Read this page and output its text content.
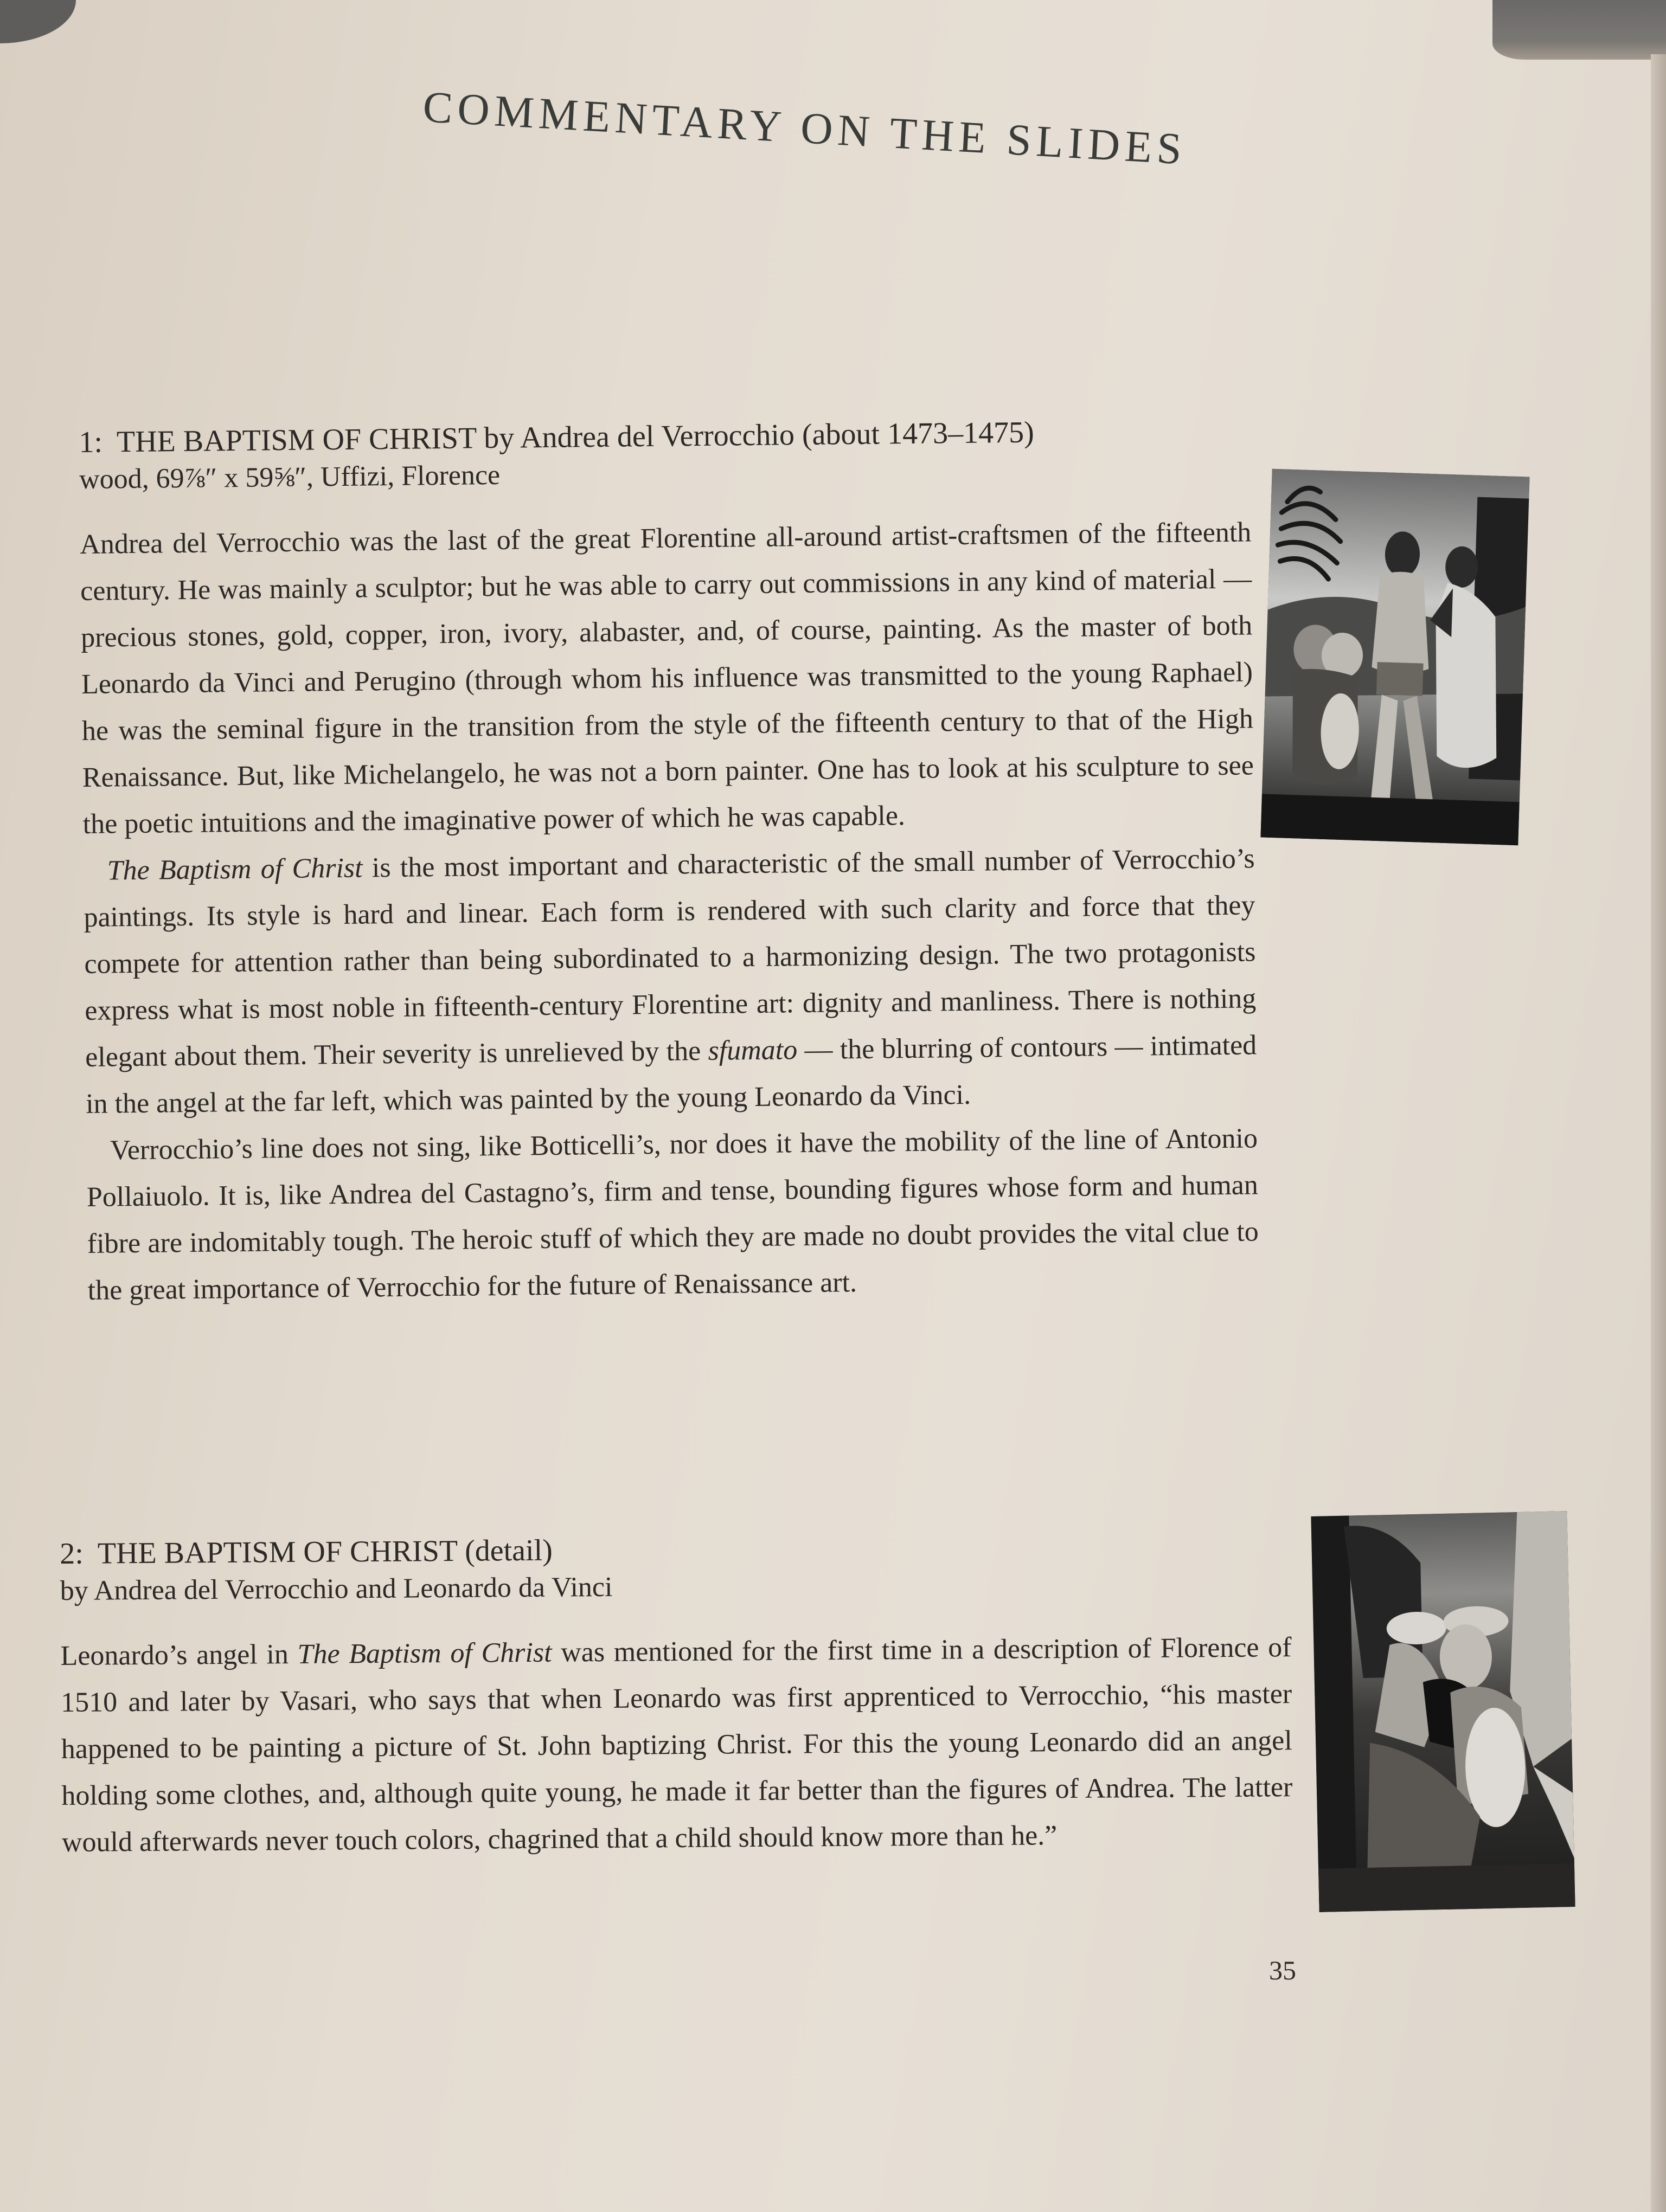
COMMENTARY ON THE SLIDES
1: THE BAPTISM OF CHRIST by Andrea del Verrocchio (about 1473–1475)
wood, 69⅞″ x 59⅝″, Uffizi, Florence

Andrea del Verrocchio was the last of the great Florentine all-around artist-craftsmen of the fifteenth century. He was mainly a sculptor; but he was able to carry out commissions in any kind of material — precious stones, gold, copper, iron, ivory, alabaster, and, of course, painting. As the master of both Leonardo da Vinci and Perugino (through whom his influence was transmitted to the young Raphael) he was the seminal figure in the transition from the style of the fifteenth century to that of the High Renaissance. But, like Michelangelo, he was not a born painter. One has to look at his sculpture to see the poetic intuitions and the imaginative power of which he was capable.

The Baptism of Christ is the most important and characteristic of the small number of Verrocchio’s paintings. Its style is hard and linear. Each form is rendered with such clarity and force that they compete for attention rather than being subordinated to a harmonizing design. The two protagonists express what is most noble in fifteenth-century Florentine art: dignity and manliness. There is nothing elegant about them. Their severity is unrelieved by the sfumato — the blurring of contours — intimated in the angel at the far left, which was painted by the young Leonardo da Vinci.

Verrocchio’s line does not sing, like Botticelli’s, nor does it have the mobility of the line of Antonio Pollaiuolo. It is, like Andrea del Castagno’s, firm and tense, bounding figures whose form and human fibre are indomitably tough. The heroic stuff of which they are made no doubt provides the vital clue to the great importance of Verrocchio for the future of Renaissance art.

2: THE BAPTISM OF CHRIST (detail)
by Andrea del Verrocchio and Leonardo da Vinci

Leonardo’s angel in The Baptism of Christ was mentioned for the first time in a description of Florence of 1510 and later by Vasari, who says that when Leonardo was first apprenticed to Verrocchio, “his master happened to be painting a picture of St. John baptizing Christ. For this the young Leonardo did an angel holding some clothes, and, although quite young, he made it far better than the figures of Andrea. The latter would afterwards never touch colors, chagrined that a child should know more than he.”

35
